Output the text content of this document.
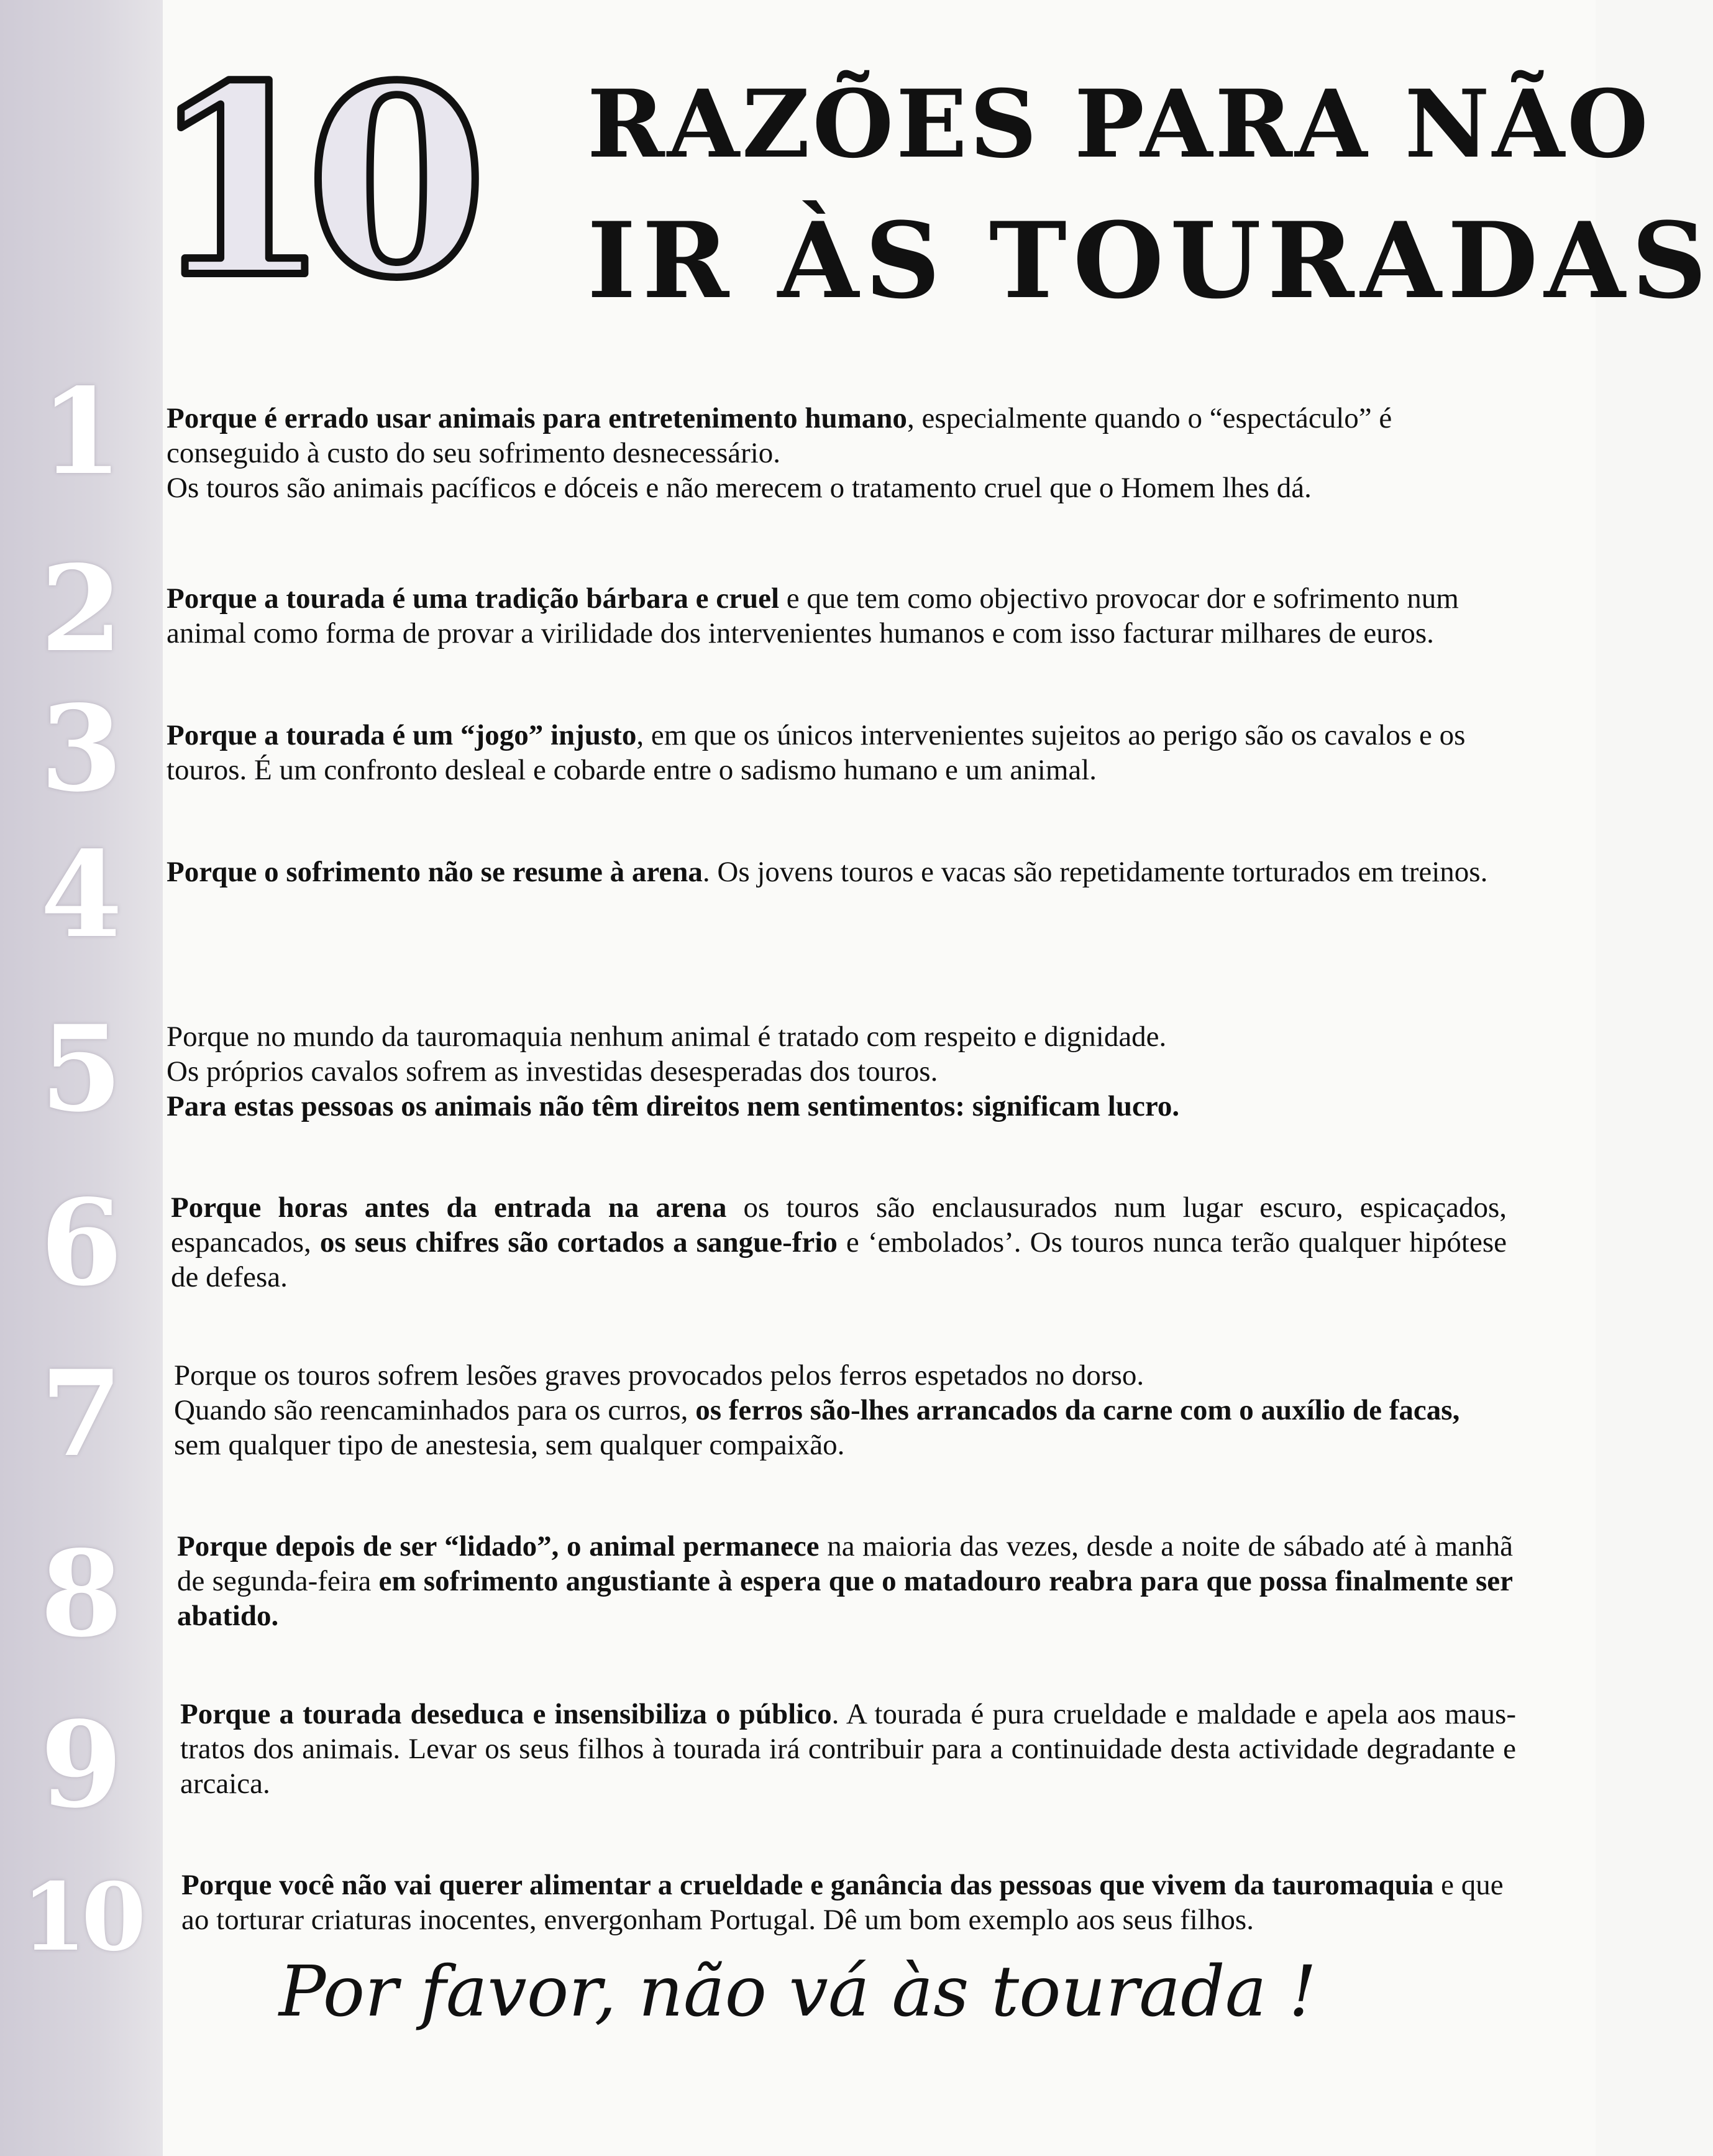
1
2
3
4
5
6
7
8
9
10
10 RAZÕES PARA NÃO
IR ÀS TOURADAS

Porque é errado usar animais para entretenimento humano, especialmente quando o “espectáculo” é conseguido à custo do seu sofrimento desnecessário.

Os touros são animais pacíficos e dóceis e não merecem o tratamento cruel que o Homem lhes dá.

Porque a tourada é uma tradição bárbara e cruel e que tem como objectivo provocar dor e sofrimento num animal como forma de provar a virilidade dos intervenientes humanos e com isso facturar milhares de euros.

Porque a tourada é um “jogo” injusto, em que os únicos intervenientes sujeitos ao perigo são os cavalos e os touros. É um confronto desleal e cobarde entre o sadismo humano e um animal.

Porque o sofrimento não se resume à arena. Os jovens touros e vacas são repetidamente torturados em treinos.

Porque no mundo da tauromaquia nenhum animal é tratado com respeito e dignidade.

Os próprios cavalos sofrem as investidas desesperadas dos touros.

Para estas pessoas os animais não têm direitos nem sentimentos: significam lucro.

Porque horas antes da entrada na arena os touros são enclausurados num lugar escuro, espicaçados, espancados, os seus chifres são cortados a sangue-frio e ‘embolados’. Os touros nunca terão qualquer hipótese de defesa.

Porque os touros sofrem lesões graves provocados pelos ferros espetados no dorso.

Quando são reencaminhados para os curros, os ferros são-lhes arrancados da carne com o auxílio de facas, sem qualquer tipo de anestesia, sem qualquer compaixão.

Porque depois de ser “lidado”, o animal permanece na maioria das vezes, desde a noite de sábado até à manhã de segunda-feira em sofrimento angustiante à espera que o matadouro reabra para que possa finalmente ser abatido.

Porque a tourada deseduca e insensibiliza o público. A tourada é pura crueldade e maldade e apela aos maus-tratos dos animais. Levar os seus filhos à tourada irá contribuir para a continuidade desta actividade degradante e arcaica.

Porque você não vai querer alimentar a crueldade e ganância das pessoas que vivem da tauromaquia e que ao torturar criaturas inocentes, envergonham Portugal. Dê um bom exemplo aos seus filhos.

Por favor, não vá às tourada !
